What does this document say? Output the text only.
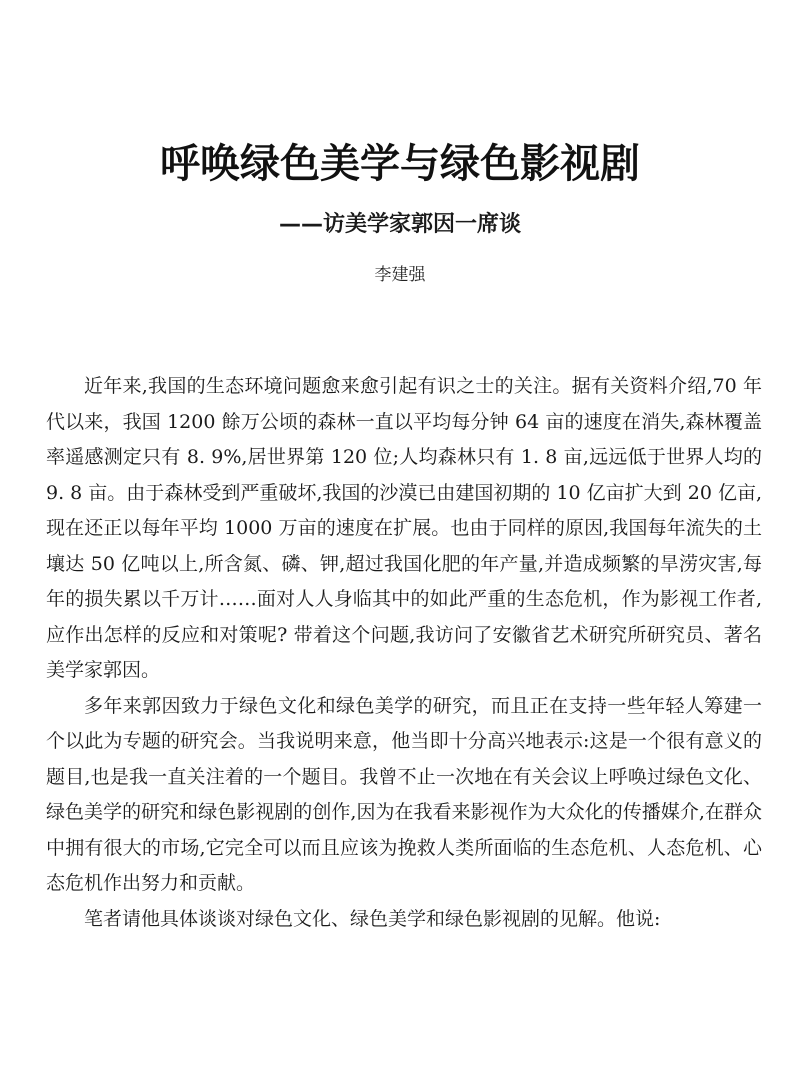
呼唤绿色美学与绿色影视剧
——访美学家郭因一席谈
李建强

近年来,我国的生态环境问题愈来愈引起有识之士的关注。据有关资料介绍,70 年代以来，我国 1200 餘万公顷的森林一直以平均每分钟 64 亩的速度在消失,森林覆盖率遥感测定只有 8. 9%,居世界第 120 位;人均森林只有 1. 8 亩,远远低于世界人均的 9. 8 亩。由于森林受到严重破坏,我国的沙漠已由建国初期的 10 亿亩扩大到 20 亿亩,现在还正以每年平均 1000 万亩的速度在扩展。也由于同样的原因,我国每年流失的土壤达 50 亿吨以上,所含氮、磷、钾,超过我国化肥的年产量,并造成频繁的旱涝灾害,每年的损失累以千万计……面对人人身临其中的如此严重的生态危机，作为影视工作者,应作出怎样的反应和对策呢? 带着这个问题,我访问了安徽省艺术研究所研究员、著名美学家郭因。

多年来郭因致力于绿色文化和绿色美学的研究，而且正在支持一些年轻人筹建一个以此为专题的研究会。当我说明来意，他当即十分高兴地表示:这是一个很有意义的题目,也是我一直关注着的一个题目。我曾不止一次地在有关会议上呼唤过绿色文化、绿色美学的研究和绿色影视剧的创作,因为在我看来影视作为大众化的传播媒介,在群众中拥有很大的市场,它完全可以而且应该为挽救人类所面临的生态危机、人态危机、心态危机作出努力和贡献。

笔者请他具体谈谈对绿色文化、绿色美学和绿色影视剧的见解。他说:
